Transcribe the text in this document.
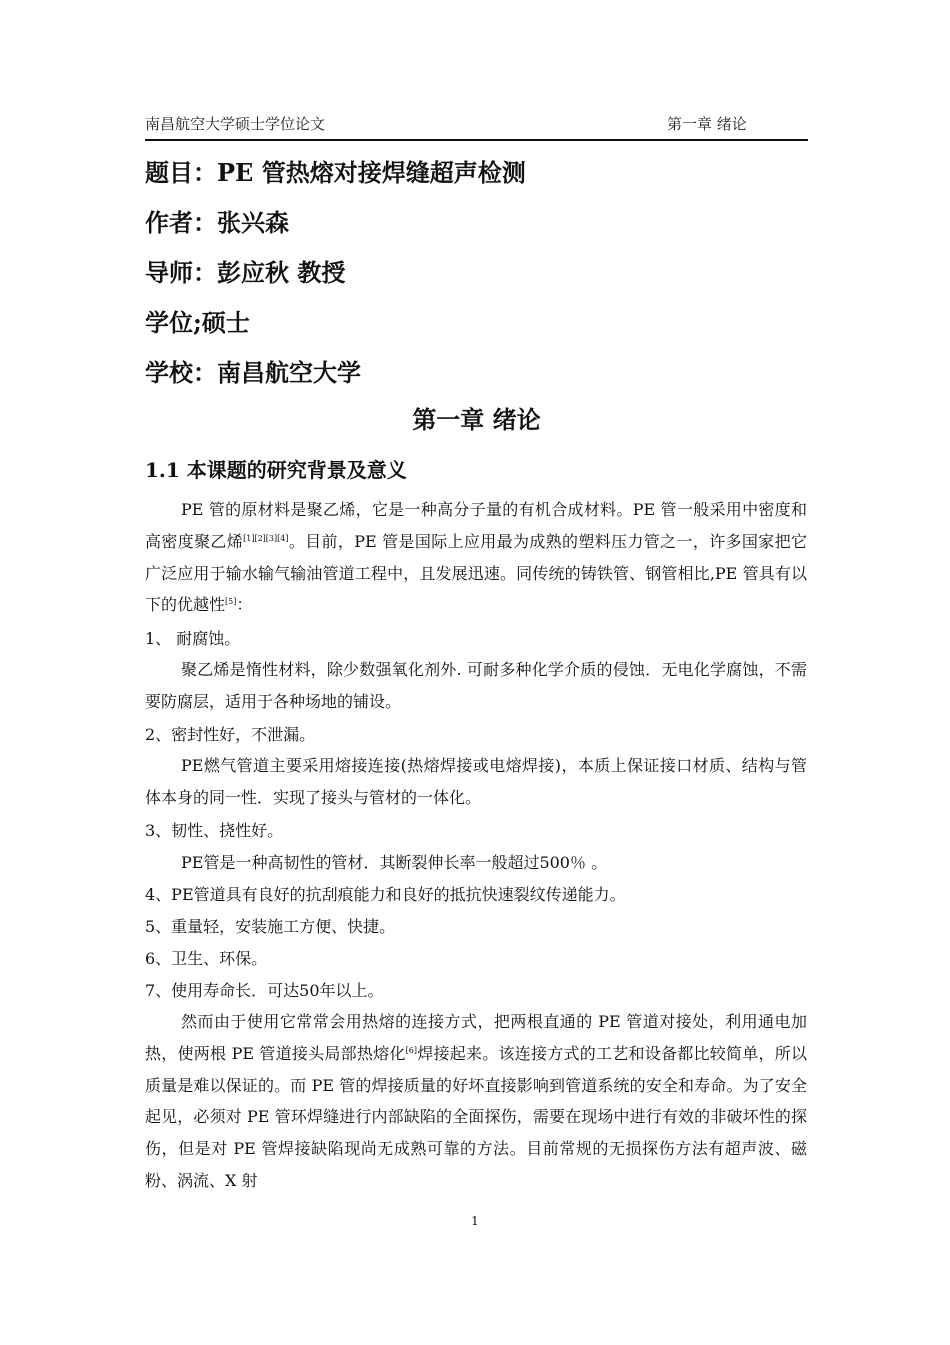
南昌航空大学硕士学位论文	第一章 绪论
题目：PE 管热熔对接焊缝超声检测
作者：张兴森
导师：彭应秋 教授
学位;硕士
学校：南昌航空大学
第一章 绪论
1.1 本课题的研究背景及意义
PE 管的原材料是聚乙烯，它是一种高分子量的有机合成材料。PE 管一般采用中密度和高密度聚乙烯[1][2][3][4]。目前，PE 管是国际上应用最为成熟的塑料压力管之一，许多国家把它广泛应用于输水输气输油管道工程中，且发展迅速。同传统的铸铁管、钢管相比,PE 管具有以下的优越性[5]：
1、 耐腐蚀。
聚乙烯是惰性材料，除少数强氧化剂外. 可耐多种化学介质的侵蚀．无电化学腐蚀，不需要防腐层，适用于各种场地的铺设。
2、密封性好，不泄漏。
PE燃气管道主要采用熔接连接(热熔焊接或电熔焊接)，本质上保证接口材质、结构与管体本身的同一性．实现了接头与管材的一体化。
3、韧性、挠性好。
PE管是一种高韧性的管材．其断裂伸长率一般超过500％ 。
4、PE管道具有良好的抗刮痕能力和良好的抵抗快速裂纹传递能力。
5、重量轻，安装施工方便、快捷。
6、卫生、环保。
7、使用寿命长．可达50年以上。
然而由于使用它常常会用热熔的连接方式，把两根直通的 PE 管道对接处，利用通电加热，使两根 PE 管道接头局部热熔化[6]焊接起来。该连接方式的工艺和设备都比较简单，所以质量是难以保证的。而 PE 管的焊接质量的好坏直接影响到管道系统的安全和寿命。为了安全起见，必须对 PE 管环焊缝进行内部缺陷的全面探伤，需要在现场中进行有效的非破坏性的探伤，但是对 PE 管焊接缺陷现尚无成熟可靠的方法。目前常规的无损探伤方法有超声波、磁粉、涡流、X 射
1
